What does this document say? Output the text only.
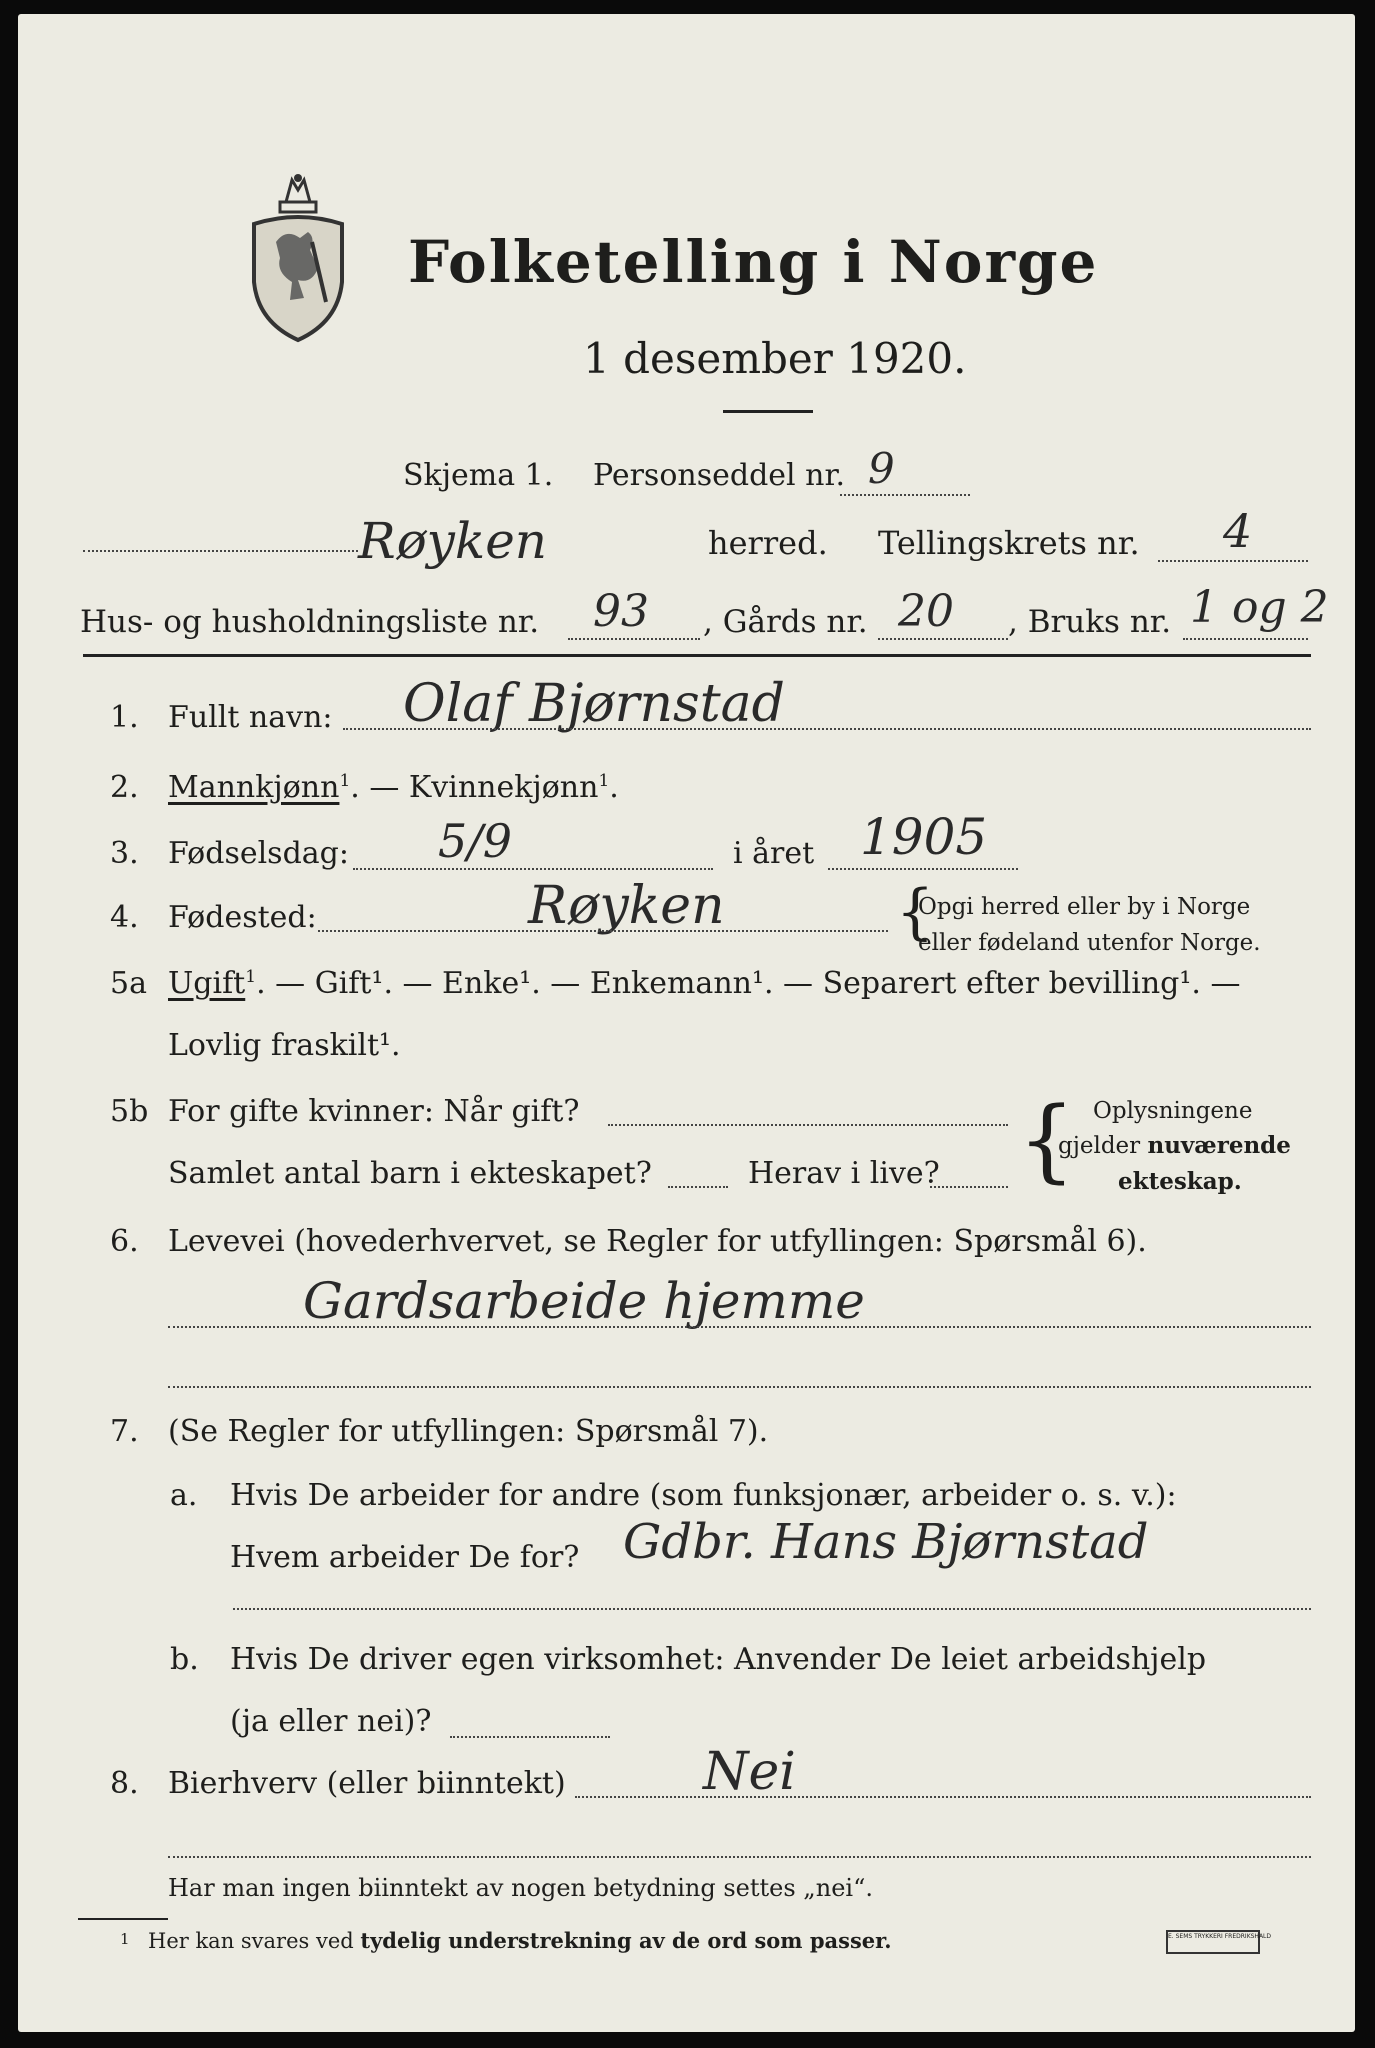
Folketelling i Norge
1 desember 1920.
Skjema 1. Personseddel nr. 9
Røyken	herred. Tellingskrets nr. 4
Hus- og husholdningsliste nr. 93 , Gårds nr. 20 , Bruks nr. 1 og 2
1. Fullt navn: Olaf Bjørnstad
2. Mannkjønn$^1$. — Kvinnekjønn$^1$.
3. Fødselsdag: 5/9	i året 1905
4. Fødested:	Røyken	{
Opgi herred eller by i Norge
eller fødeland utenfor Norge.
5a Ugift$^1$. — Gift¹. — Enke¹. — Enkemann¹. — Separert efter bevilling¹. —
Lovlig fraskilt¹.
5b For gifte kvinner: Når gift?
Samlet antal barn i ekteskapet?	Herav i live? { Oplysningene
gjelder nuværende
ekteskap.
6. Levevei (hovederhvervet, se Regler for utfyllingen: Spørsmål 6).
Gardsarbeide hjemme
7. (Se Regler for utfyllingen: Spørsmål 7).
a. Hvis De arbeider for andre (som funksjonær, arbeider o. s. v.):
Hvem arbeider De for? Gdbr. Hans Bjørnstad
b. Hvis De driver egen virksomhet: Anvender De leiet arbeidshjelp
(ja eller nei)?
8. Bierhverv (eller biinntekt)	Nei
Har man ingen biinntekt av nogen betydning settes „nei“.
1 Her kan svares ved tydelig understrekning av de ord som passer.	E. SEMS TRYKKERI FREDRIKSHALD
